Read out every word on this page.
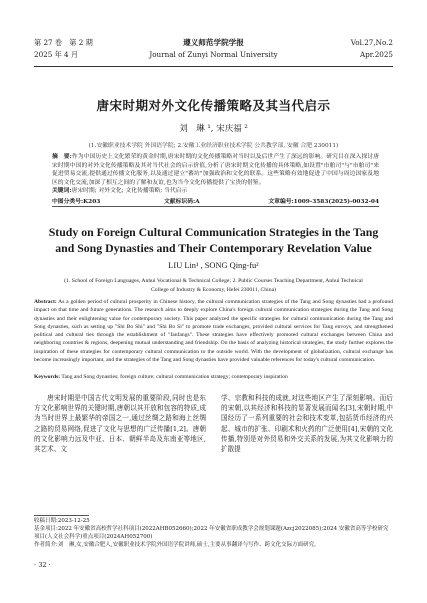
第 27 卷　第 2 期
2025 年 4 月
遵义师范学院学报
Journal of Zunyi Normal University
Vol.27,No.2
Apr.2025
唐宋时期对外文化传播策略及其当代启示
刘　琳 ¹, 宋庆福 ²
(1.安徽职业技术学院 外国语学院; 2.安徽工业经济职业技术学院 公共教学部, 安徽 合肥 230011)
摘　要:作为中国历史上文化繁荣的黄金时期,唐宋时期的文化传播策略对当时以及后世产生了深远的影响。研究目在深入探讨唐宋时期中国的对外文化传播策略及其对当代社会的启示价值,分析了唐宋时期文化传播的具体策略,如设置"市舶司"与"市舶司"来促进贸易交流,提供通过传播文化服务,以及通过建立"蕃坊"加强政治和文化的联系。这些策略有效地促进了中国与周边国家及地区的文化交流,加深了相互之间的了解和友谊,也为当今文化传播提供了宝贵的借鉴。
关键词:唐宋时期; 对外文化; 文化传播策略; 当代启示
中图分类号:K203	文献标识码:A	文章编号:1009-3583(2025)-0032-04
Study on Foreign Cultural Communication Strategies in the Tang and Song Dynasties and Their Contemporary Revelation Value
LIU Lin¹ , SONG Qing-fu²
(1. School of Foreign Languages, Anhui Vocational & Technical College; 2. Public Courses Teaching Department, Anhui Technical College of Industry & Economy, Hefei 230011, China)
Abstract: As a golden period of cultural prosperity in Chinese history, the cultural communication strategies of the Tang and Song dynasties had a profound impact on that time and future generations. The research aims to deeply explore China's foreign cultural communication strategies during the Tang and Song dynasties and their enlightening value for contemporary society. This paper analyzed the specific strategies for cultural communication during the Tang and Song dynasties, such as setting up "Shi Bo Shi" and "Shi Bo Si" to promote trade exchanges, provided cultural services for Tang envoys, and strengthened political and cultural ties through the establishment of "fanfangs". These strategies have effectively promoted cultural exchanges between China and neighboring countries & regions, deepening mutual understanding and friendship. On the basis of analyzing historical strategies, the study further explores the inspiration of these strategies for contemporary cultural communication to the outside world. With the development of globalization, cultural exchange has become increasingly important, and the strategies of the Tang and Song dynasties have provided valuable references for today's cultural communication.
Keywords: Tang and Song dynasties; foreign culture; cultural communication strategy; contemporary inspiration
唐宋时期是中国古代文明发展的重要阶段,同时也是东方文化影响世界的关键时期,唐朝以其开放和包容的特质,成为当时世界上最繁华的帝国之一,通过丝绸之路和海上丝绸之路的贸易网络,促进了文化与思想的广泛传播[1,2]。唐朝的文化影响力远及中亚、日本、朝鲜半岛及东南亚等地区,其艺术、文
学、宗教和科技的成就,对这些地区产生了深刻影响。而后的宋朝,以其经济和科技的显著发展而闻名[3],宋朝时期,中国经历了一系列重要的社会和技术变革,包括货币经济的兴起、城市的扩张、印刷术和火药的广泛使用[4],宋朝的文化传播,特别是对外贸易和外交关系的发展,为其文化影响力的扩散提
收稿日期:2023-12-25
基金项目:2022 年安徽省高校哲学社科项目(2022AHB052660);2022 年安徽省职成教学会规划课题(Azcj2022085);2024 安徽省高等学校研究项目(人文社会科学)重点项目(2024AH052700)
作者简介:刘　琳,女,安徽合肥人,安徽职业技术学院外国语学院讲师,硕士,主要从事翻译与写作、跨文化交际方面研究。
· 32 ·
